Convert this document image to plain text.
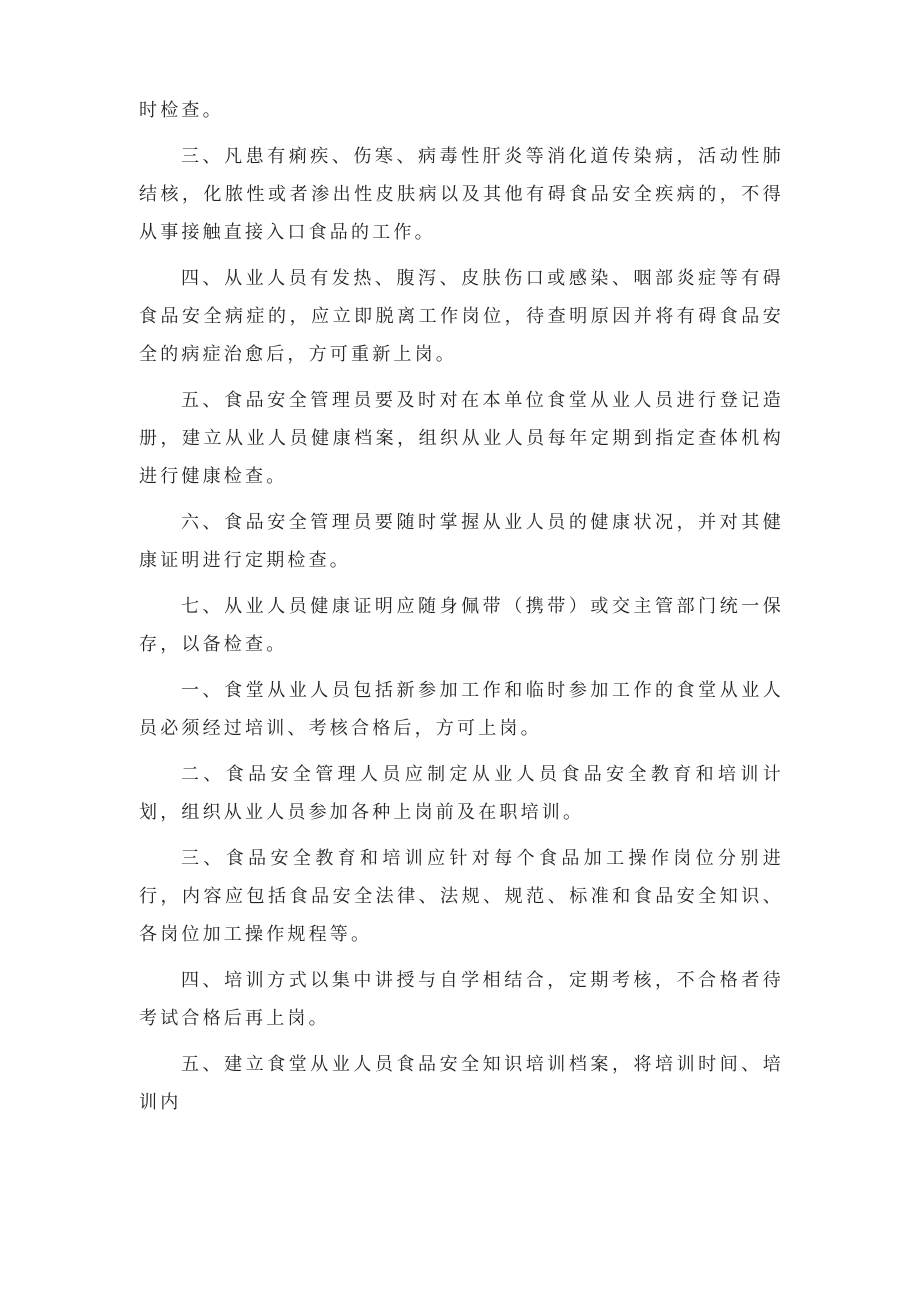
时检查。

三、凡患有痢疾、伤寒、病毒性肝炎等消化道传染病，活动性肺结核，化脓性或者渗出性皮肤病以及其他有碍食品安全疾病的，不得从事接触直接入口食品的工作。

四、从业人员有发热、腹泻、皮肤伤口或感染、咽部炎症等有碍食品安全病症的，应立即脱离工作岗位，待查明原因并将有碍食品安全的病症治愈后，方可重新上岗。

五、食品安全管理员要及时对在本单位食堂从业人员进行登记造册，建立从业人员健康档案，组织从业人员每年定期到指定查体机构进行健康检查。

六、食品安全管理员要随时掌握从业人员的健康状况，并对其健康证明进行定期检查。

七、从业人员健康证明应随身佩带（携带）或交主管部门统一保存，以备检查。

一、食堂从业人员包括新参加工作和临时参加工作的食堂从业人员必须经过培训、考核合格后，方可上岗。

二、食品安全管理人员应制定从业人员食品安全教育和培训计划，组织从业人员参加各种上岗前及在职培训。

三、食品安全教育和培训应针对每个食品加工操作岗位分别进行，内容应包括食品安全法律、法规、规范、标准和食品安全知识、各岗位加工操作规程等。

四、培训方式以集中讲授与自学相结合，定期考核，不合格者待考试合格后再上岗。

五、建立食堂从业人员食品安全知识培训档案，将培训时间、培训内
